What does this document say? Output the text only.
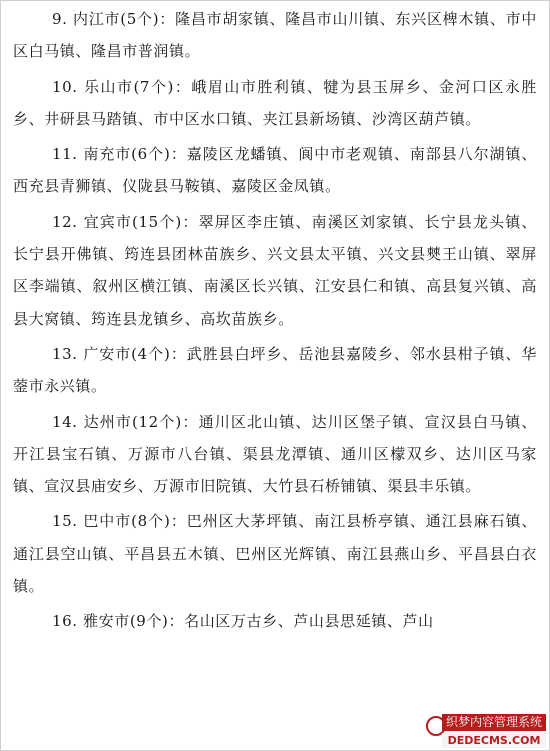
9. 内江市(5个)：隆昌市胡家镇、隆昌市山川镇、东兴区椑木镇、市中区白马镇、隆昌市普润镇。

10. 乐山市(7个)：峨眉山市胜利镇、犍为县玉屏乡、金河口区永胜乡、井研县马踏镇、市中区水口镇、夹江县新场镇、沙湾区葫芦镇。

11. 南充市(6个)：嘉陵区龙蟠镇、阆中市老观镇、南部县八尔湖镇、西充县青狮镇、仪陇县马鞍镇、嘉陵区金凤镇。

12. 宜宾市(15个)：翠屏区李庄镇、南溪区刘家镇、长宁县龙头镇、长宁县开佛镇、筠连县团林苗族乡、兴文县太平镇、兴文县僰王山镇、翠屏区李端镇、叙州区横江镇、南溪区长兴镇、江安县仁和镇、高县复兴镇、高县大窝镇、筠连县龙镇乡、高坎苗族乡。

13. 广安市(4个)：武胜县白坪乡、岳池县嘉陵乡、邻水县柑子镇、华蓥市永兴镇。

14. 达州市(12个)：通川区北山镇、达川区堡子镇、宣汉县白马镇、开江县宝石镇、万源市八台镇、渠县龙潭镇、通川区檬双乡、达川区马家镇、宣汉县庙安乡、万源市旧院镇、大竹县石桥铺镇、渠县丰乐镇。

15. 巴中市(8个)：巴州区大茅坪镇、南江县桥亭镇、通江县麻石镇、通江县空山镇、平昌县五木镇、巴州区光辉镇、南江县燕山乡、平昌县白衣镇。

16. 雅安市(9个)：名山区万古乡、芦山县思延镇、芦山

织梦内容管理系统
DEDECMS.COM
